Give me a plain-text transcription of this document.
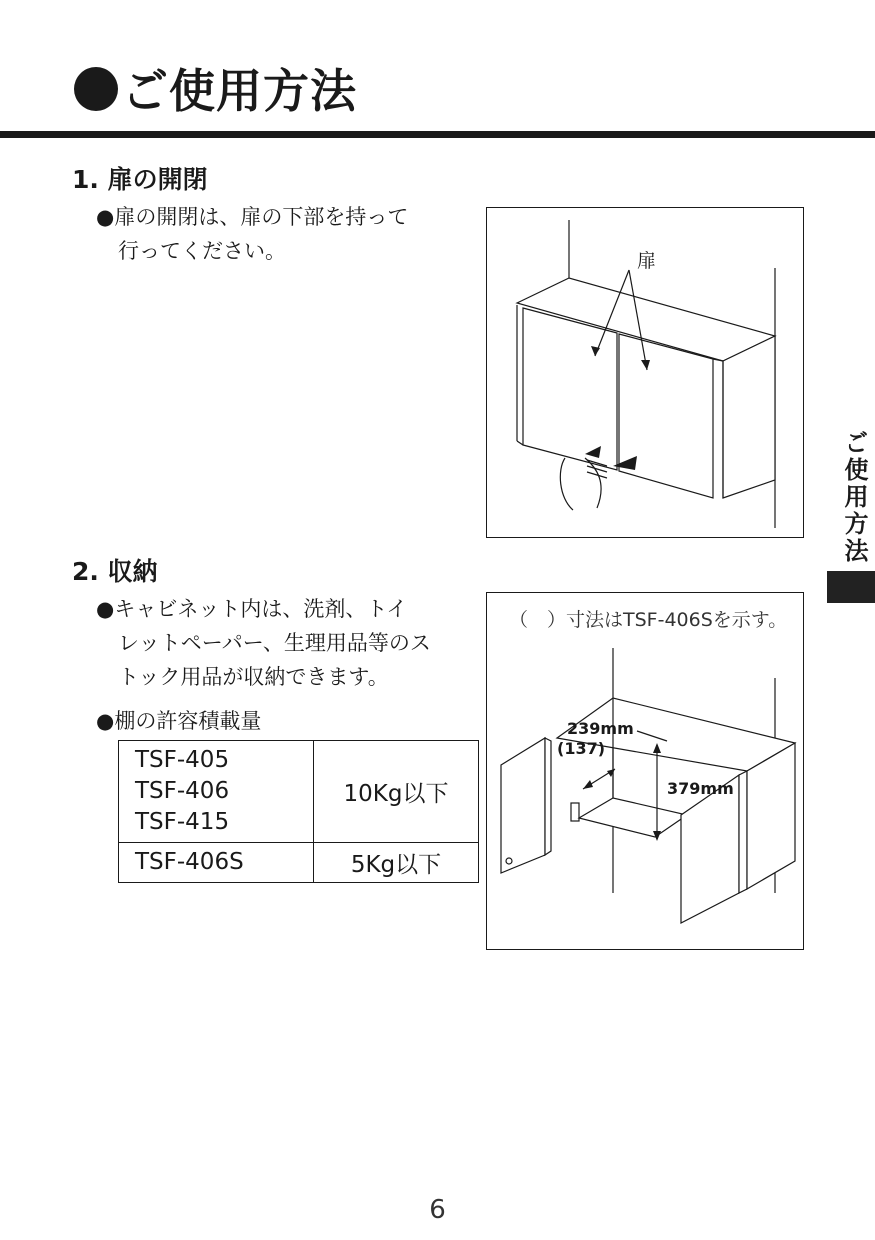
ご使用方法
ご使用方法
1. 扉の開閉
●扉の開閉は、扉の下部を持って
行ってください。	扉
2. 収納
●キャビネット内は、洗剤、トイ
レットペーパー、生理用品等のス
トック用品が収納できます。
●棚の許容積載量
TSF-405
TSF-406
TSF-415	10Kg以下

TSF-406S	5Kg以下
（　）寸法はTSF-406Sを示す。
239mm
(137)
379mm
6
